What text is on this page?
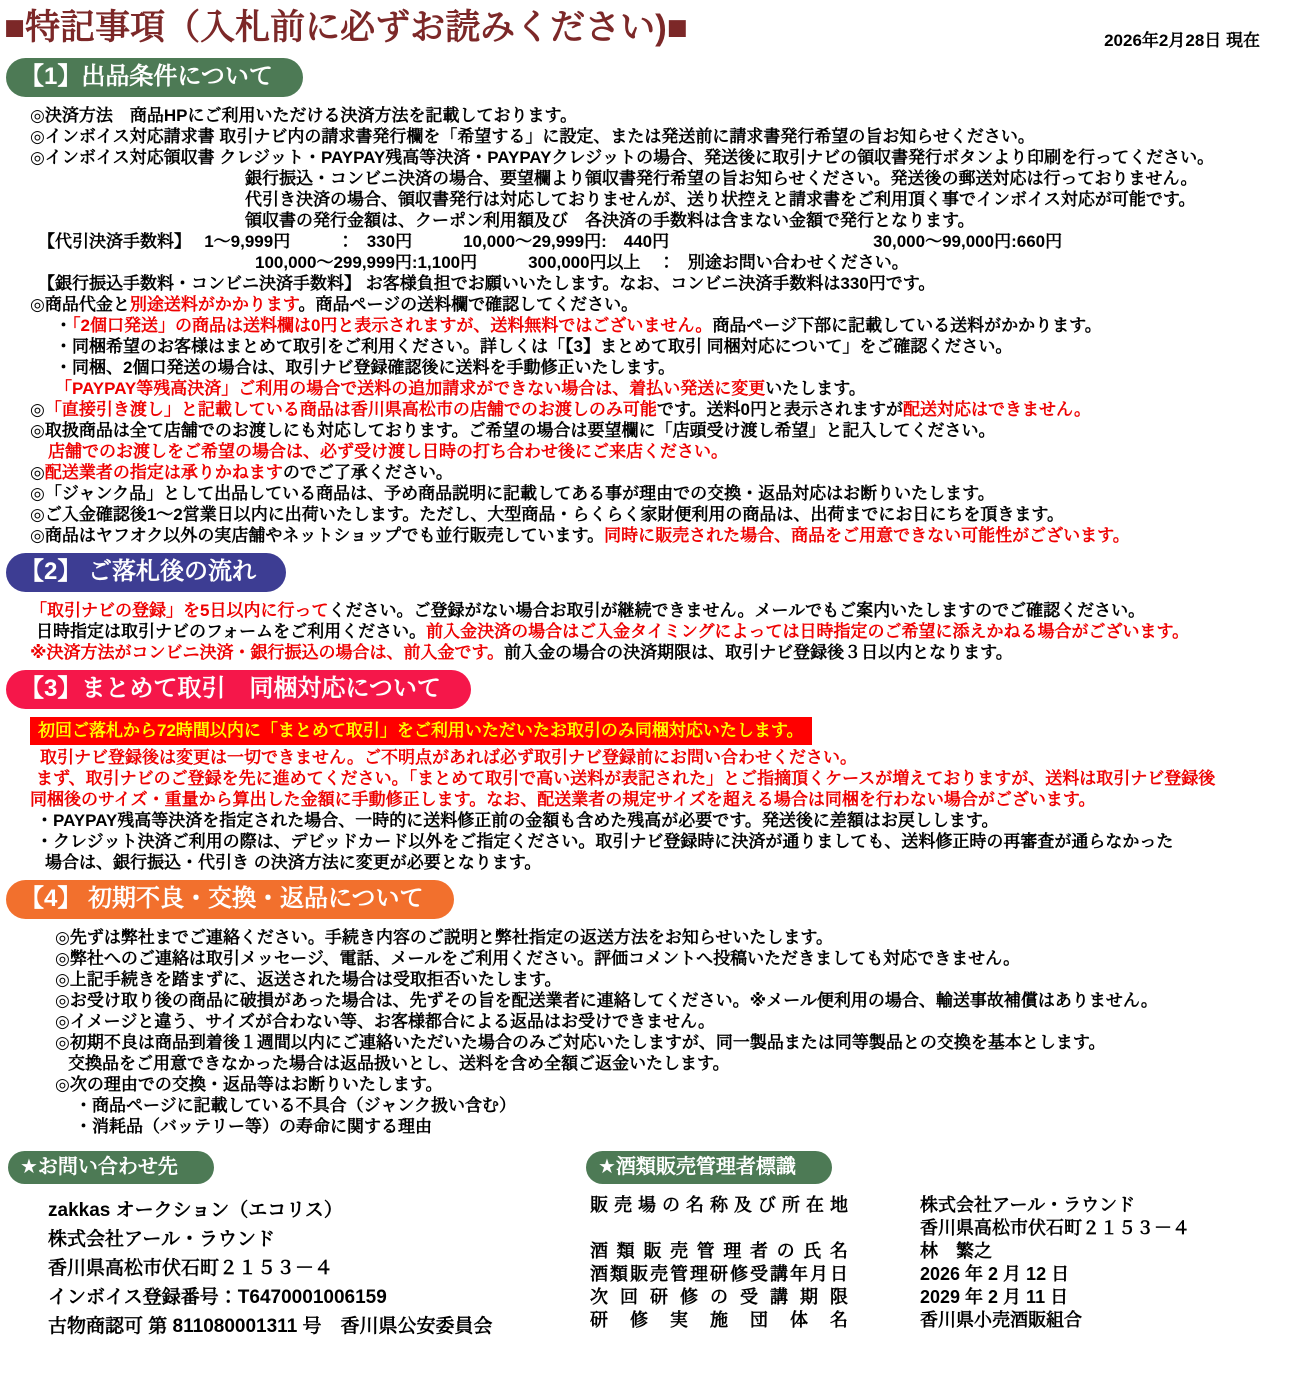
■特記事項（入札前に必ずお読みください)■	2026年2月28日 現在
【1】出品条件について
◎決済方法　商品HPにご利用いただける決済方法を記載しております。
◎インボイス対応請求書 取引ナビ内の請求書発行欄を「希望する」に設定、または発送前に請求書発行希望の旨お知らせください。
◎インボイス対応領収書 クレジット・PAYPAY残高等決済・PAYPAYクレジットの場合、発送後に取引ナビの領収書発行ボタンより印刷を行ってください。
銀行振込・コンビニ決済の場合、要望欄より領収書発行希望の旨お知らせください。発送後の郵送対応は行っておりません。
代引き決済の場合、領収書発行は対応しておりませんが、送り状控えと請求書をご利用頂く事でインボイス対応が可能です。
領収書の発行金額は、クーポン利用額及び　各決済の手数料は含まない金額で発行となります。
【代引決済手数料】　 1～9,999円　　　：　330円　　　10,000～29,999円:　440円　　　　　　　　　　　　30,000～99,000円:660円
100,000～299,999円:1,100円　　　300,000円以上　 ：　別途お問い合わせください。
【銀行振込手数料・コンビニ決済手数料】 お客様負担でお願いいたします。なお、コンビニ決済手数料は330円です。
◎商品代金と別途送料がかかります。商品ページの送料欄で確認してください。
・「2個口発送」の商品は送料欄は0円と表示されますが、送料無料ではございません。商品ページ下部に記載している送料がかかります。
・同梱希望のお客様はまとめて取引をご利用ください。詳しくは「【3】まとめて取引 同梱対応について」をご確認ください。
・同梱、2個口発送の場合は、取引ナビ登録確認後に送料を手動修正いたします。
「PAYPAY等残高決済」ご利用の場合で送料の追加請求ができない場合は、着払い発送に変更いたします。
◎「直接引き渡し」と記載している商品は香川県高松市の店舗でのお渡しのみ可能です。送料0円と表示されますが配送対応はできません。
◎取扱商品は全て店舗でのお渡しにも対応しております。ご希望の場合は要望欄に「店頭受け渡し希望」と記入してください。
店舗でのお渡しをご希望の場合は、必ず受け渡し日時の打ち合わせ後にご来店ください。
◎配送業者の指定は承りかねますのでご了承ください。
◎「ジャンク品」として出品している商品は、予め商品説明に記載してある事が理由での交換・返品対応はお断りいたします。
◎ご入金確認後1～2営業日以内に出荷いたします。ただし、大型商品・らくらく家財便利用の商品は、出荷までにお日にちを頂きます。
◎商品はヤフオク以外の実店舗やネットショップでも並行販売しています。同時に販売された場合、商品をご用意できない可能性がございます。
【2】 ご落札後の流れ
「取引ナビの登録」を5日以内に行ってください。ご登録がない場合お取引が継続できません。メールでもご案内いたしますのでご確認ください。
日時指定は取引ナビのフォームをご利用ください。前入金決済の場合はご入金タイミングによっては日時指定のご希望に添えかねる場合がございます。
※決済方法がコンビニ決済・銀行振込の場合は、前入金です。前入金の場合の決済期限は、取引ナビ登録後３日以内となります。
【3】まとめて取引　同梱対応について
初回ご落札から72時間以内に「まとめて取引」をご利用いただいたお取引のみ同梱対応いたします。
取引ナビ登録後は変更は一切できません。ご不明点があれば必ず取引ナビ登録前にお問い合わせください。
まず、取引ナビのご登録を先に進めてください。「まとめて取引で高い送料が表記された」とご指摘頂くケースが増えておりますが、送料は取引ナビ登録後
同梱後のサイズ・重量から算出した金額に手動修正します。なお、配送業者の規定サイズを超える場合は同梱を行わない場合がございます。
・PAYPAY残高等決済を指定された場合、一時的に送料修正前の金額も含めた残高が必要です。発送後に差額はお戻しします。
・クレジット決済ご利用の際は、デビッドカード以外をご指定ください。取引ナビ登録時に決済が通りましても、送料修正時の再審査が通らなかった
場合は、銀行振込・代引き の決済方法に変更が必要となります。
【4】 初期不良・交換・返品について
◎先ずは弊社までご連絡ください。手続き内容のご説明と弊社指定の返送方法をお知らせいたします。
◎弊社へのご連絡は取引メッセージ、電話、メールをご利用ください。評価コメントへ投稿いただきましても対応できません。
◎上記手続きを踏まずに、返送された場合は受取拒否いたします。
◎お受け取り後の商品に破損があった場合は、先ずその旨を配送業者に連絡してください。※メール便利用の場合、輸送事故補償はありません。
◎イメージと違う、サイズが合わない等、お客様都合による返品はお受けできません。
◎初期不良は商品到着後１週間以内にご連絡いただいた場合のみご対応いたしますが、同一製品または同等製品との交換を基本とします。
交換品をご用意できなかった場合は返品扱いとし、送料を含め全額ご返金いたします。
◎次の理由での交換・返品等はお断りいたします。
・商品ページに記載している不具合（ジャンク扱い含む）
・消耗品（バッテリー等）の寿命に関する理由
★お問い合わせ先
zakkas オークション（エコリス）
株式会社アール・ラウンド
香川県高松市伏石町２１５３－４
インボイス登録番号：T6470001006159
古物商認可 第 811080001311 号　香川県公安委員会
★酒類販売管理者標識
販売場の名称及び所在地	株式会社アール・ラウンド
香川県高松市伏石町２１５３－４
酒類販売管理者の氏名	林　繁之
酒類販売管理研修受講年月日	2026 年 2 月 12 日
次回研修の受講期限	2029 年 2 月 11 日
研修実施団体名	香川県小売酒販組合
